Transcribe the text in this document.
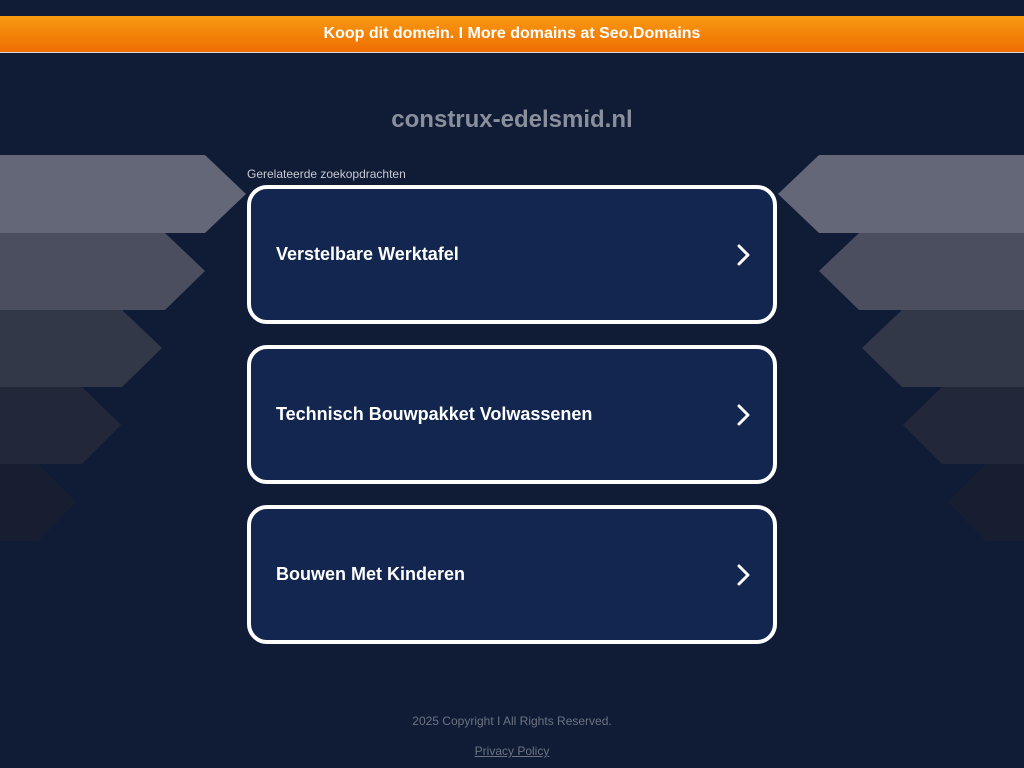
Koop dit domein. I More domains at Seo.Domains
construx-edelsmid.nl
Gerelateerde zoekopdrachten
Verstelbare Werktafel
Technisch Bouwpakket Volwassenen
Bouwen Met Kinderen
2025 Copyright I All Rights Reserved.
Privacy Policy
